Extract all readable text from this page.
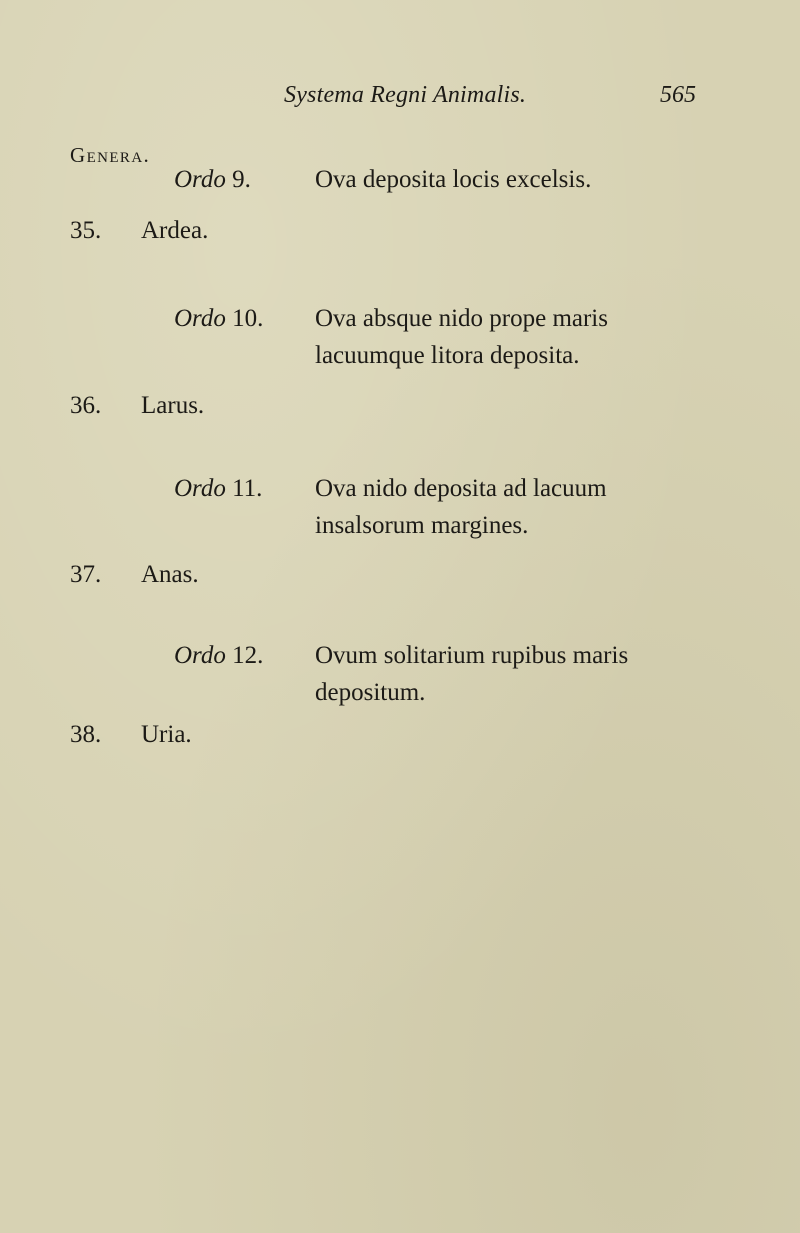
Systema Regni Animalis.	565
Genera.
Ordo 9.	Ova deposita locis excelsis.
35. Ardea.
Ordo 10. Ova absque nido prope maris
lacuumque litora deposita.
36. Larus.
Ordo 11. Ova nido deposita ad lacuum
insalsorum margines.
37. Anas.
Ordo 12. Ovum solitarium rupibus maris
depositum.
38. Uria.
